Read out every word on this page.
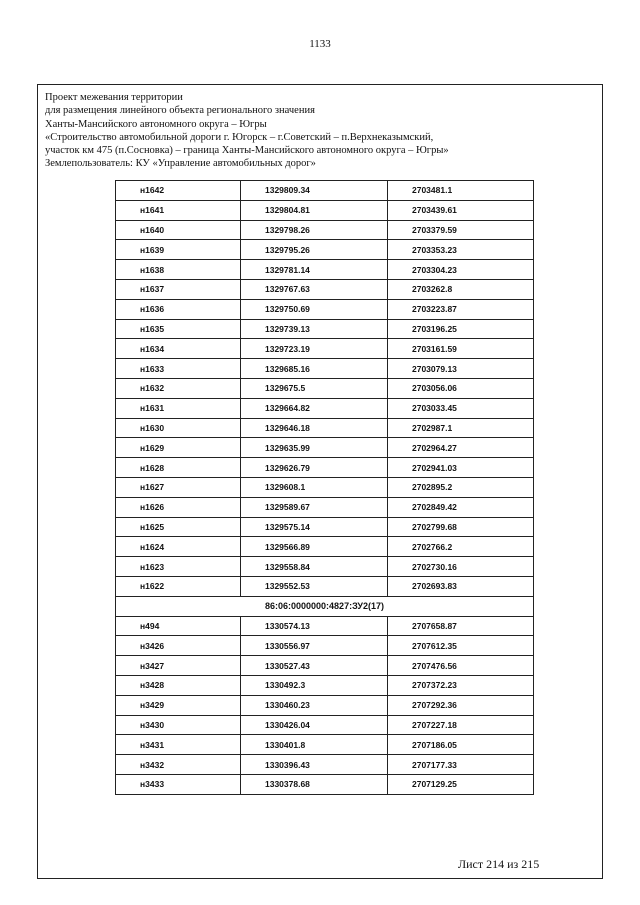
1133
Проект межевания территории
для размещения линейного объекта регионального значения
Ханты-Мансийского автономного округа – Югры
«Строительство автомобильной дороги г. Югорск – г.Советский – п.Верхнеказымский,
участок км 475 (п.Сосновка) – граница Ханты-Мансийского автономного округа – Югры»
Землепользователь: КУ «Управление автомобильных дорог»
н1642	1329809.34	2703481.1
н1641	1329804.81	2703439.61
н1640	1329798.26	2703379.59
н1639	1329795.26	2703353.23
н1638	1329781.14	2703304.23
н1637	1329767.63	2703262.8
н1636	1329750.69	2703223.87
н1635	1329739.13	2703196.25
н1634	1329723.19	2703161.59
н1633	1329685.16	2703079.13
н1632	1329675.5	2703056.06
н1631	1329664.82	2703033.45
н1630	1329646.18	2702987.1
н1629	1329635.99	2702964.27
н1628	1329626.79	2702941.03
н1627	1329608.1	2702895.2
н1626	1329589.67	2702849.42
н1625	1329575.14	2702799.68
н1624	1329566.89	2702766.2
н1623	1329558.84	2702730.16
н1622	1329552.53	2702693.83
86:06:0000000:4827:ЗУ2(17)		
н494	1330574.13	2707658.87
н3426	1330556.97	2707612.35
н3427	1330527.43	2707476.56
н3428	1330492.3	2707372.23
н3429	1330460.23	2707292.36
н3430	1330426.04	2707227.18
н3431	1330401.8	2707186.05
н3432	1330396.43	2707177.33
н3433	1330378.68	2707129.25
Лист 214 из 215
